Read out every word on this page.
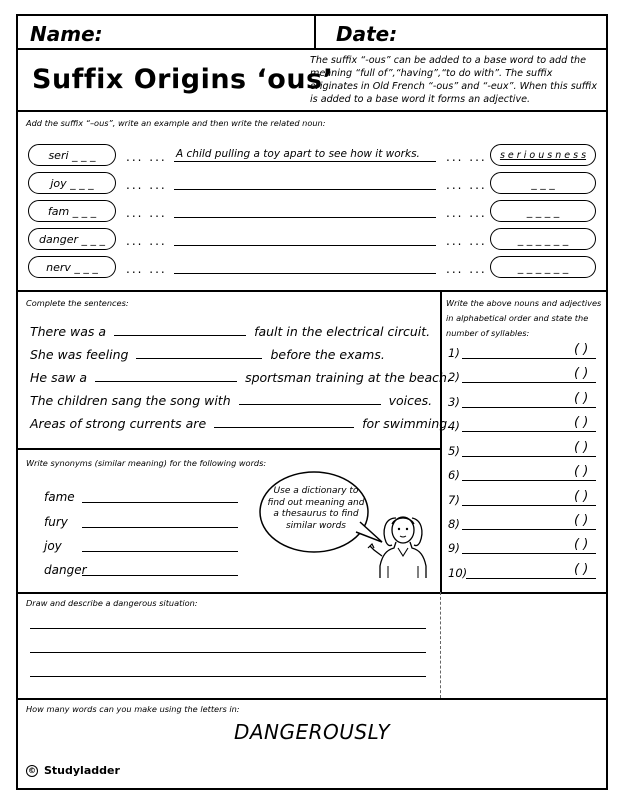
Name:	Date:
Suffix Origins ‘ous’
The suffix “-ous” can be added to a base word to add the meaning “full of”,“having”,“to do with”. The suffix originates in Old French “-ous” and “-eux”. When this suffix is added to a base word it forms an adjective.
Add the suffix “–ous”, write an example and then write the related noun:
seri _ _ _	... ... A child pulling a toy apart to see how it works. ... ...	s e r i o u s n e s s
joy _ _ _	... ...	... ...	_ _ _
fam _ _ _	... ...	... ...	_ _ _ _
danger _ _ _	... ...	... ...	_ _ _ _ _ _
nerv _ _ _	... ...	... ...	_ _ _ _ _ _
Complete the sentences:
There was a	fault in the electrical circuit.
She was feeling	before the exams.
He saw a	sportsman training at the beach.
The children sang the song with	voices.
Areas of strong currents are	for swimming.
Write the above nouns and adjectives in alphabetical order and state the number of syllables:
1)	( )
2)	( )
3)	( )
4)	( )
5)	( )
6)	( )
7)	( )
8)	( )
9)	( )
10)	( )
Write synonyms (similar meaning) for the following words:
fame
fury
joy
danger
Use a dictionary to find out meaning and a thesaurus to find similar words
Draw and describe a dangerous situation:
How many words can you make using the letters in:
DANGEROUSLY
© Studyladder
